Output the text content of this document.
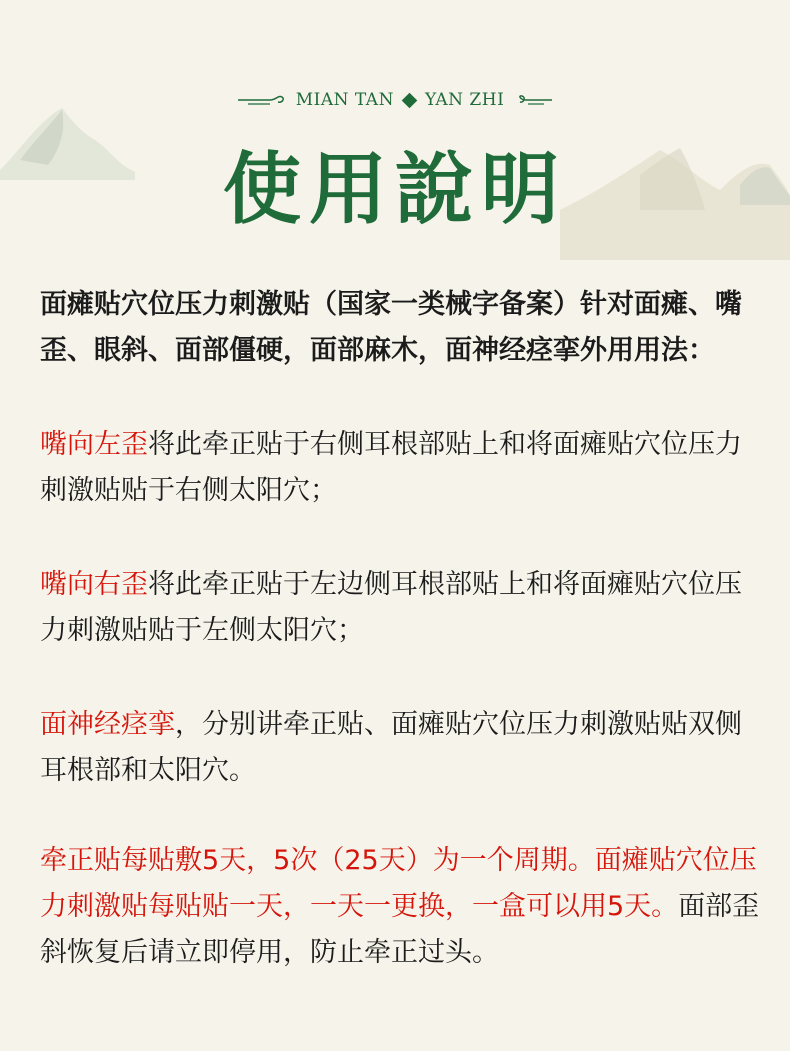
MIAN TAN YAN ZHI
使用說明

面瘫贴穴位压力刺激贴（国家一类械字备案）针对面瘫、嘴歪、眼斜、面部僵硬，面部麻木，面神经痉挛外用用法：

嘴向左歪将此牵正贴于右侧耳根部贴上和将面瘫贴穴位压力刺激贴贴于右侧太阳穴；

嘴向右歪将此牵正贴于左边侧耳根部贴上和将面瘫贴穴位压力刺激贴贴于左侧太阳穴；

面神经痉挛，分别讲牵正贴、面瘫贴穴位压力刺激贴贴双侧耳根部和太阳穴。

牵正贴每贴敷5天，5次（25天）为一个周期。面瘫贴穴位压力刺激贴每贴贴一天，一天一更换，一盒可以用5天。面部歪斜恢复后请立即停用，防止牵正过头。
